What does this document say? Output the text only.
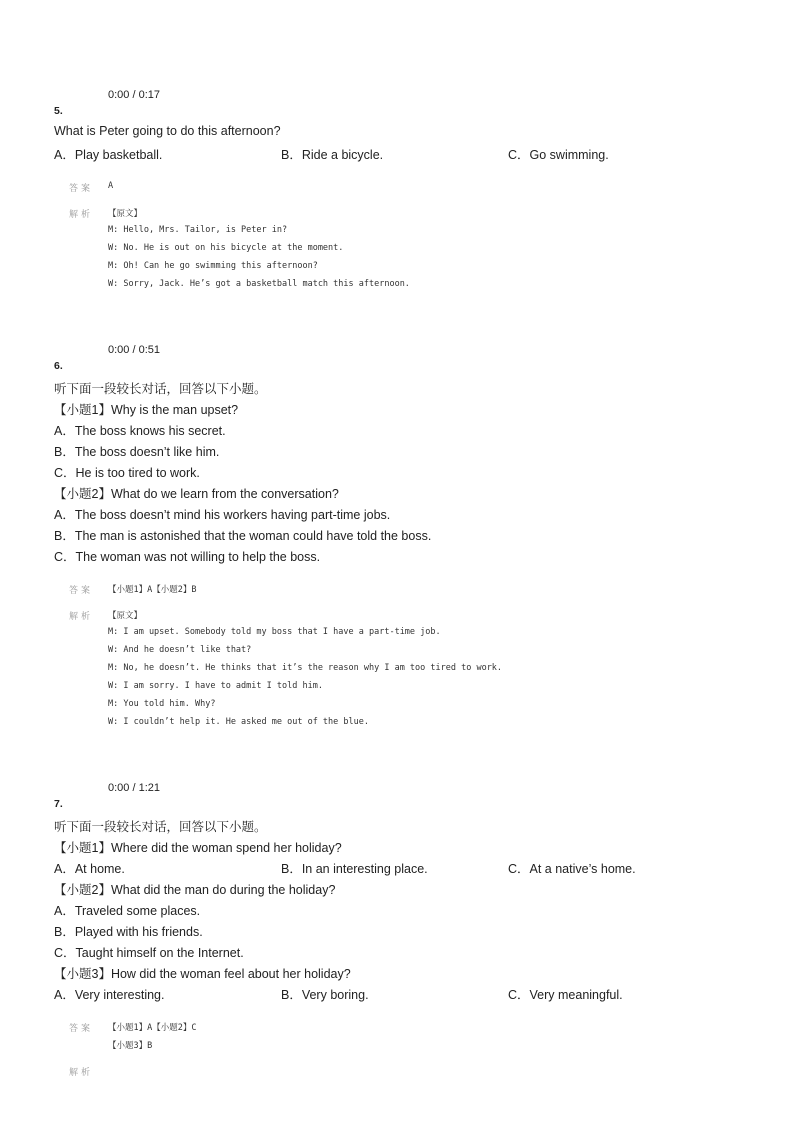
0:00 / 0:17
5.
What is Peter going to do this afternoon?
A．Play basketball.	B．Ride a bicycle.	C．Go swimming.
答案 A
解析 【原文】
M: Hello, Mrs. Tailor, is Peter in?
W: No. He is out on his bicycle at the moment.
M: Oh! Can he go swimming this afternoon?
W: Sorry, Jack. He’s got a basketball match this afternoon.
0:00 / 0:51
6.
听下面一段较长对话，回答以下小题。
【小题1】Why is the man upset?
A．The boss knows his secret.
B．The boss doesn’t like him.
C．He is too tired to work.
【小题2】What do we learn from the conversation?
A．The boss doesn’t mind his workers having part-time jobs.
B．The man is astonished that the woman could have told the boss.
C．The woman was not willing to help the boss.
答案 【小题1】A【小题2】B
解析 【原文】
M: I am upset. Somebody told my boss that I have a part-time job.
W: And he doesn’t like that?
M: No, he doesn’t. He thinks that it’s the reason why I am too tired to work.
W: I am sorry. I have to admit I told him.
M: You told him. Why?
W: I couldn’t help it. He asked me out of the blue.
0:00 / 1:21
7.
听下面一段较长对话，回答以下小题。
【小题1】Where did the woman spend her holiday?
A．At home.	B．In an interesting place.	C．At a native’s home.
【小题2】What did the man do during the holiday?
A．Traveled some places.
B．Played with his friends.
C．Taught himself on the Internet.
【小题3】How did the woman feel about her holiday?
A．Very interesting.	B．Very boring.	C．Very meaningful.
答案 【小题1】A【小题2】C
【小题3】B
解析
